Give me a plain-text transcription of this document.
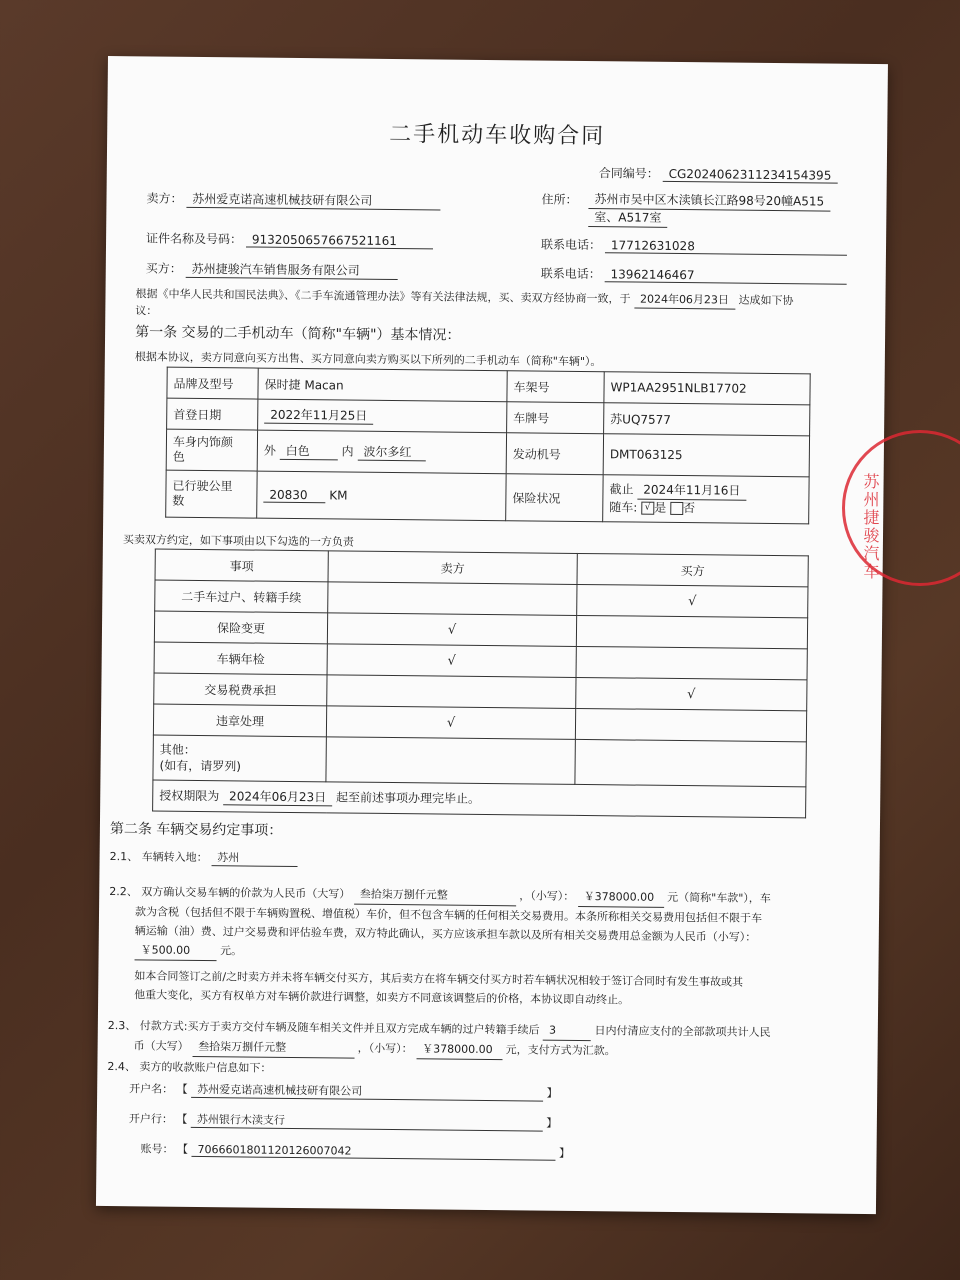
二手机动车收购合同
合同编号： CG2024062311234154395
卖方： 苏州爱克诺高速机械技研有限公司	住所：	苏州市吴中区木渎镇长江路98号20幢A515
室、A517室
证件名称及号码： 9132050657667521161	联系电话： 17712631028
买方： 苏州捷骏汽车销售服务有限公司	联系电话： 13962146467
根据《中华人民共和国民法典》、《二手车流通管理办法》等有关法律法规，买、卖双方经协商一致，于 2024年06月23日 达成如下协
议：
第一条 交易的二手机动车（简称"车辆"）基本情况：
根据本协议，卖方同意向买方出售、买方同意向卖方购买以下所列的二手机动车（简称"车辆"）。
品牌及型号	保时捷 Macan	车架号	WP1AA2951NLB17702
首登日期	2022年11月25日	车牌号	苏UQ7577
车身内饰颜
色	外 白色 内 波尔多红	发动机号	DMT063125
已行驶公里
数	20830 KM	保险状况	截止 2024年11月16日
随车: √ 是 否
买卖双方约定，如下事项由以下勾选的一方负责
事项	卖方	买方
二手车过户、转籍手续		√
保险变更	√	
车辆年检	√	
交易税费承担		√
违章处理	√	
其他：
(如有，请罗列)		
授权期限为 2024年06月23日 起至前述事项办理完毕止。		
第二条 车辆交易约定事项：
2.1、 车辆转入地： 苏州
2.2、 双方确认交易车辆的价款为人民币（大写） 叁拾柒万捌仟元整	，（小写）： ￥378000.00 元（简称"车款"），车
款为含税（包括但不限于车辆购置税、增值税）车价，但不包含车辆的任何相关交易费用。本条所称相关交易费用包括但不限于车
辆运输（油）费、过户交易费和评估验车费，双方特此确认，买方应该承担车款以及所有相关交易费用总金额为人民币（小写）：
￥500.00	元。
如本合同签订之前/之时卖方并未将车辆交付买方，其后卖方在将车辆交付买方时若车辆状况相较于签订合同时有发生事故或其
他重大变化，买方有权单方对车辆价款进行调整，如卖方不同意该调整后的价格，本协议即自动终止。
2.3、 付款方式:买方于卖方交付车辆及随车相关文件并且双方完成车辆的过户转籍手续后 3	日内付清应支付的全部款项共计人民
币（大写） 叁拾柒万捌仟元整	，（小写）： ￥378000.00 元，支付方式为汇款。
2.4、 卖方的收款账户信息如下：
开户名： 【 苏州爱克诺高速机械技研有限公司	】
开户行： 【 苏州银行木渎支行	】
账号： 【 7066601801120126007042	】
苏州捷骏汽车
